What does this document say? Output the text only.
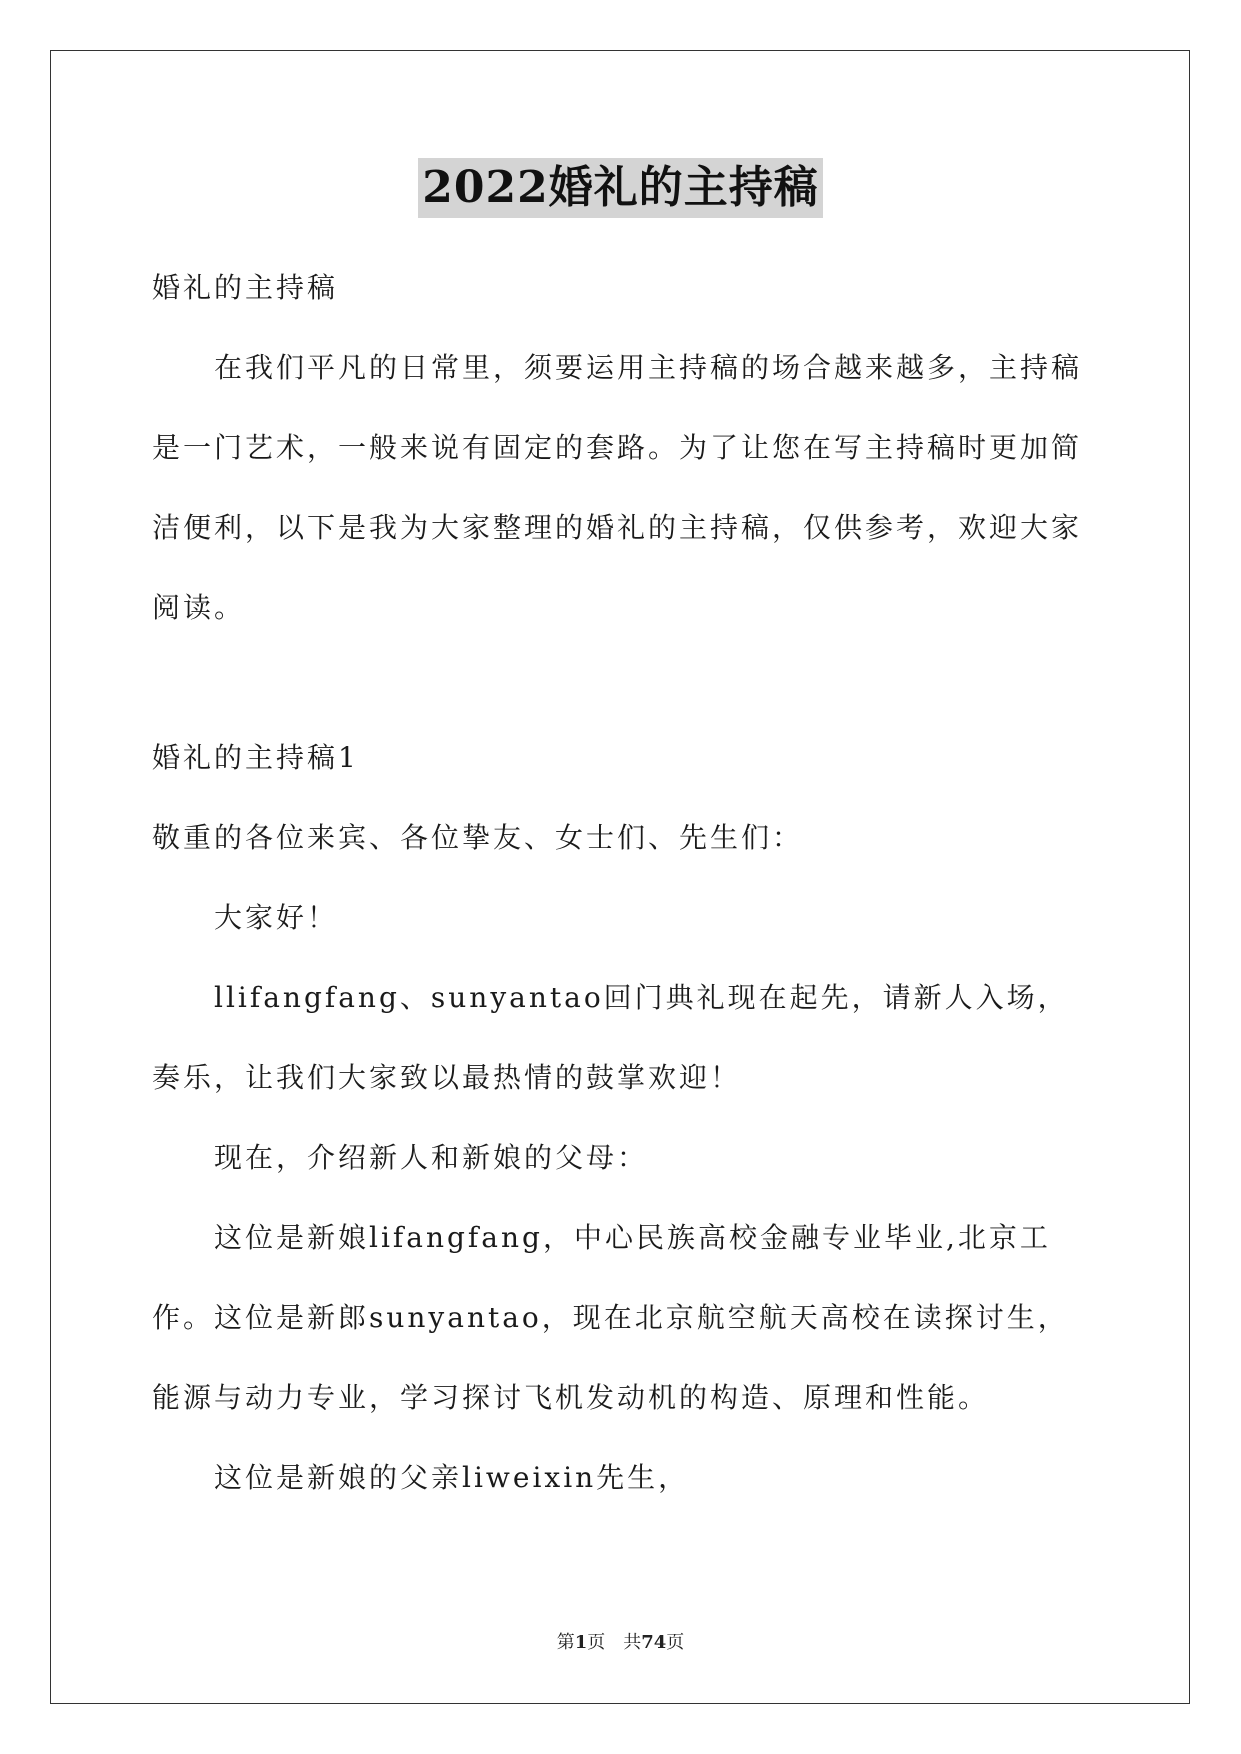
2022婚礼的主持稿

婚礼的主持稿

在我们平凡的日常里，须要运用主持稿的场合越来越多，主持稿是一门艺术，一般来说有固定的套路。为了让您在写主持稿时更加简洁便利，以下是我为大家整理的婚礼的主持稿，仅供参考，欢迎大家阅读。

婚礼的主持稿1

敬重的各位来宾、各位挚友、女士们、先生们：

大家好！

llifangfang、sunyantao回门典礼现在起先，请新人入场，奏乐，让我们大家致以最热情的鼓掌欢迎！

现在，介绍新人和新娘的父母：

这位是新娘lifangfang，中心民族高校金融专业毕业,北京工作。 这位是新郎sunyantao，现在北京航空航天高校在读探讨生，能源与动力专业，学习探讨飞机发动机的构造、原理和性能。

这位是新娘的父亲liweixin先生，

第1页　共74页
